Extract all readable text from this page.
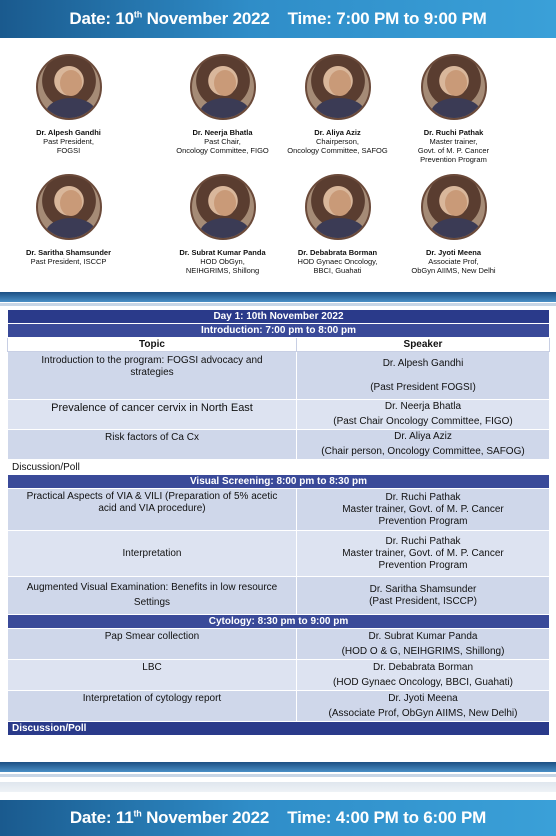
Date: 10th November 2022 Time: 7:00 PM to 9:00 PM
Dr. Alpesh Gandhi
Past President,
FOGSI
Dr. Neerja Bhatla
Past Chair,
Oncology Committee, FIGO
Dr. Aliya Aziz
Chairperson,
Oncology Committee, SAFOG
Dr. Ruchi Pathak
Master trainer,
Govt. of M. P. Cancer
Prevention Program
Dr. Saritha Shamsunder
Past President, ISCCP
Dr. Subrat Kumar Panda
HOD ObGyn,
NEIHGRIMS, Shillong
Dr. Debabrata Borman
HOD Gynaec Oncology,
BBCI, Guahati
Dr. Jyoti Meena
Associate Prof,
ObGyn AIIMS, New Delhi
Day 1: 10th November 2022	
Introduction: 7:00 pm to 8:00 pm	
Topic	Speaker

Introduction to the program: FOGSI advocacy and
strategies	Dr. Alpesh Gandhi
(Past President FOGSI)

Prevalence of cancer cervix in North East	Dr. Neerja Bhatla
(Past Chair Oncology Committee, FIGO)

Risk factors of Ca Cx	Dr. Aliya Aziz
(Chair person, Oncology Committee, SAFOG)

Discussion/Poll	
Visual Screening: 8:00 pm to 8:30 pm	

Practical Aspects of VIA & VILI (Preparation of 5% acetic
acid and VIA procedure)	Dr. Ruchi Pathak
Master trainer, Govt. of M. P. Cancer
Prevention Program

Interpretation	Dr. Ruchi Pathak
Master trainer, Govt. of M. P. Cancer
Prevention Program

Augmented Visual Examination: Benefits in low resource
Settings	Dr. Saritha Shamsunder
(Past President, ISCCP)

Cytology: 8:30 pm to 9:00 pm	

Pap Smear collection	Dr. Subrat Kumar Panda
(HOD O & G, NEIHGRIMS, Shillong)

LBC	Dr. Debabrata Borman
(HOD Gynaec Oncology, BBCI, Guahati)

Interpretation of cytology report	Dr. Jyoti Meena
(Associate Prof, ObGyn AIIMS, New Delhi)

Discussion/Poll	
Date: 11th November 2022 Time: 4:00 PM to 6:00 PM
